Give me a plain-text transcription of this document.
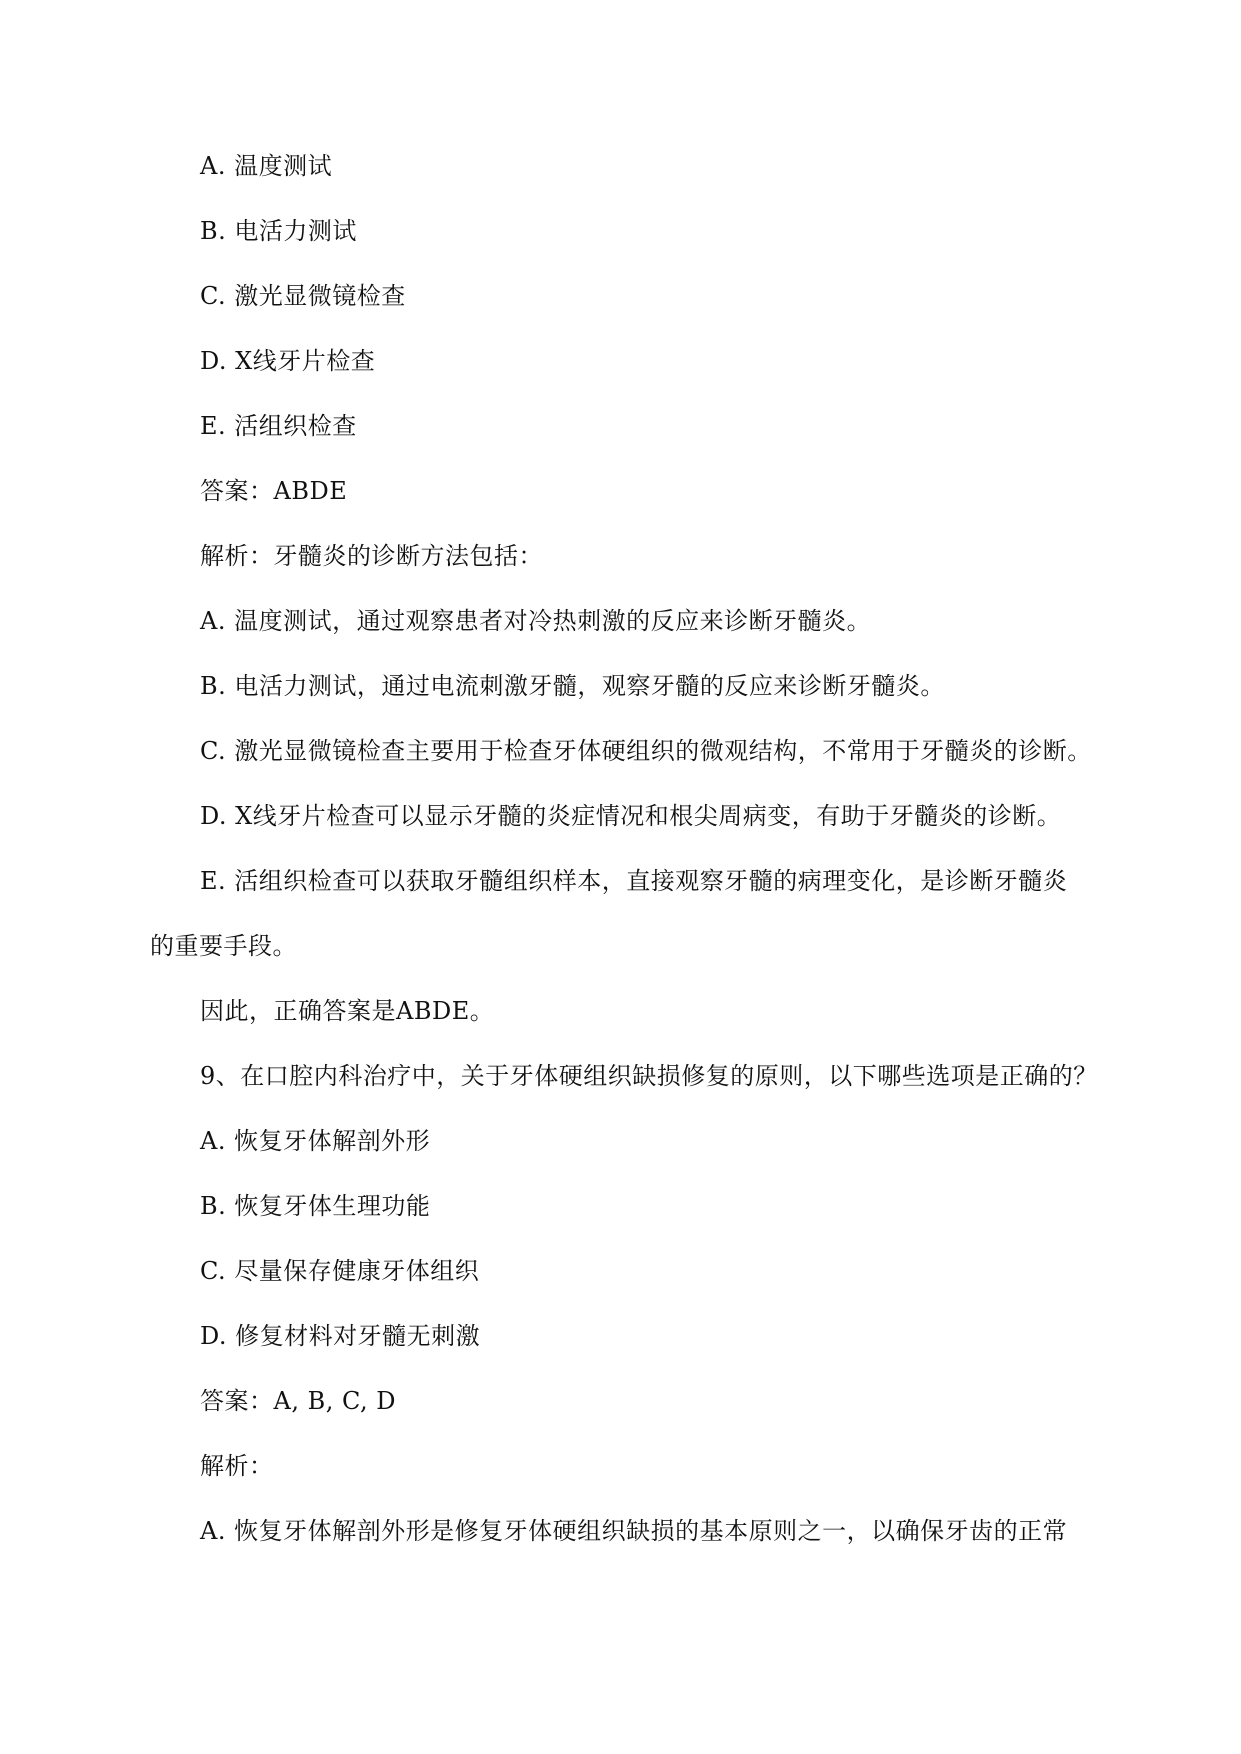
A. 温度测试
B. 电活力测试
C. 激光显微镜检查
D. X线牙片检查
E. 活组织检查
答案：ABDE
解析：牙髓炎的诊断方法包括：
A. 温度测试，通过观察患者对冷热刺激的反应来诊断牙髓炎。
B. 电活力测试，通过电流刺激牙髓，观察牙髓的反应来诊断牙髓炎。
C. 激光显微镜检查主要用于检查牙体硬组织的微观结构，不常用于牙髓炎的诊断。
D. X线牙片检查可以显示牙髓的炎症情况和根尖周病变，有助于牙髓炎的诊断。
E. 活组织检查可以获取牙髓组织样本，直接观察牙髓的病理变化，是诊断牙髓炎
的重要手段。
因此，正确答案是ABDE。
9、在口腔内科治疗中，关于牙体硬组织缺损修复的原则，以下哪些选项是正确的？
A. 恢复牙体解剖外形
B. 恢复牙体生理功能
C. 尽量保存健康牙体组织
D. 修复材料对牙髓无刺激
答案：A, B, C, D
解析：
A. 恢复牙体解剖外形是修复牙体硬组织缺损的基本原则之一，以确保牙齿的正常
